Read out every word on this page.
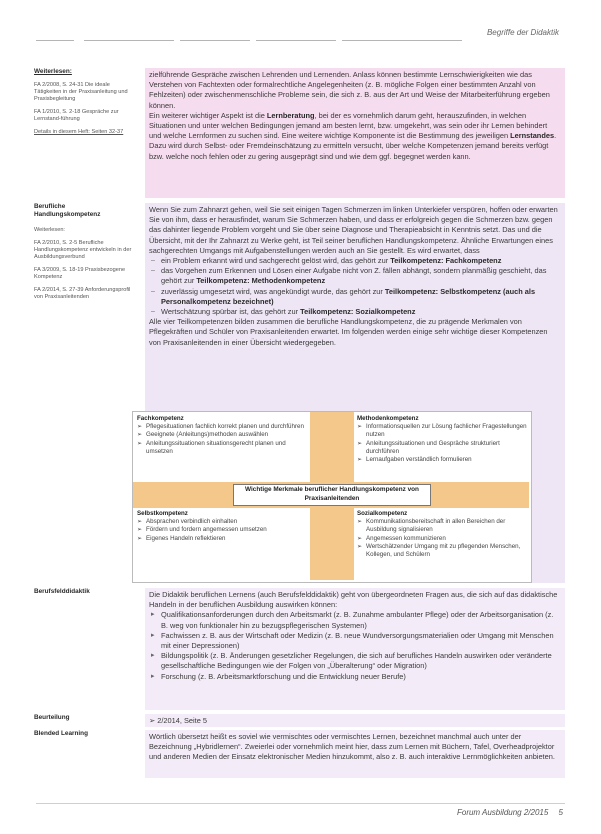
Begriffe der Didaktik

Weiterlesen:

FA 2/2008, S. 24-31 Die ideale Tätigkeiten in der Praxisanleitung und Praxisbegleitung

FA 1/2010, S. 2-18 Gespräche zur Lernstand-führung

Details in diesem Heft: Seiten 32-37

zielführende Gespräche zwischen Lehrenden und Lernenden. Anlass können bestimmte Lernschwierigkeiten wie das Verstehen von Fachtexten oder formalrechtliche Angelegenheiten (z. B. mögliche Folgen einer bestimmten Anzahl von Fehlzeiten) oder zwischenmenschliche Probleme sein, die sich z. B. aus der Art und Weise der Mitarbeiterführung ergeben können.

Ein weiterer wichtiger Aspekt ist die Lernberatung, bei der es vornehmlich darum geht, herauszufinden, in welchen Situationen und unter welchen Bedingungen jemand am besten lernt, bzw. umgekehrt, was sein oder ihr Lernen behindert und welche Lernformen zu suchen sind. Eine weitere wichtige Komponente ist die Bestimmung des jeweiligen Lernstandes. Dazu wird durch Selbst- oder Fremdeinschätzung zu ermitteln versucht, über welche Kompetenzen jemand bereits verfügt bzw. welche noch fehlen oder zu gering ausgeprägt sind und wie dem ggf. begegnet werden kann.

Berufliche Handlungskompetenz

Weiterlesen:

FA 2/2010, S. 2-5 Berufliche Handlungskompetenz entwickeln in der Ausbildungsverbund

FA 3/2009, S. 18-19 Praxisbezogene Kompetenz

FA 2/2014, S. 27-39 Anforderungsprofil von Praxisanleitenden

Wenn Sie zum Zahnarzt gehen, weil Sie seit einigen Tagen Schmerzen im linken Unterkiefer verspüren, hoffen oder erwarten Sie von ihm, dass er herausfindet, warum Sie Schmerzen haben, und dass er erfolgreich gegen die Schmerzen bzw. gegen das dahinter liegende Problem vorgeht und Sie über seine Diagnose und Therapieabsicht in Kenntnis setzt. Das und die Übersicht, mit der Ihr Zahnarzt zu Werke geht, ist Teil seiner beruflichen Handlungskompetenz. Ähnliche Erwartungen eines sachgerechten Umgangs mit Aufgabenstellungen werden auch an Sie gestellt. Es wird erwartet, dass

– ein Problem erkannt wird und sachgerecht gelöst wird, das gehört zur Teilkompetenz: Fachkompetenz
– das Vorgehen zum Erkennen und Lösen einer Aufgabe nicht von Z. fällen abhängt, sondern planmäßig geschieht, das gehört zur Teilkompetenz: Methodenkompetenz
– zuverlässig umgesetzt wird, was angekündigt wurde, das gehört zur Teilkompetenz: Selbstkompetenz (auch als Personalkompetenz bezeichnet)
– Wertschätzung spürbar ist, das gehört zur Teilkompetenz: Sozialkompetenz

Alle vier Teilkompetenzen bilden zusammen die berufliche Handlungskompetenz, die zu prägende Merkmalen von Pflegekräften und Schüler von Praxisanleitenden erwartet. Im folgenden werden einige sehr wichtige dieser Kompetenzen von Praxisanleitenden in einer Übersicht wiedergegeben.

Fachkompetenz
➢ Pflegesituationen fachlich korrekt planen und durchführen
➢ Geeignete (Anleitungs)methoden auswählen
➢ Anleitungssituationen situationsgerecht planen und umsetzen
Methodenkompetenz
➢ Informationsquellen zur Lösung fachlicher Fragestellungen nutzen
➢ Anleitungssituationen und Gespräche strukturiert durchführen
➢ Lernaufgaben verständlich formulieren
Wichtige Merkmale beruflicher Handlungskompetenz von Praxisanleitenden
Selbstkompetenz
➢ Absprachen verbindlich einhalten
➢ Fördern und fordern angemessen umsetzen
➢ Eigenes Handeln reflektieren
Sozialkompetenz
➢ Kommunikationsbereitschaft in allen Bereichen der Ausbildung signalisieren
➢ Angemessen kommunizieren
➢ Wertschätzender Umgang mit zu pflegenden Menschen, Kollegen, und Schülern

Berufsfelddidaktik	Die Didaktik beruflichen Lernens (auch Berufsfelddidaktik) geht von übergeordneten Fragen aus, die sich auf das didaktische Handeln in der beruflichen Ausbildung auswirken können:

▸ Qualifikationsanforderungen durch den Arbeitsmarkt (z. B. Zunahme ambulanter Pflege) oder der Arbeitsorganisation (z. B. weg von funktionaler hin zu bezugspflegerischen Systemen)
▸ Fachwissen z. B. aus der Wirtschaft oder Medizin (z. B. neue Wundversorgungsmaterialien oder Umgang mit Menschen mit einer Depressionen)
▸ Bildungspolitik (z. B. Änderungen gesetzlicher Regelungen, die sich auf berufliches Handeln auswirken oder veränderte gesellschaftliche Bedingungen wie der Folgen von „Überalterung“ oder Migration)
▸ Forschung (z. B. Arbeitsmarktforschung und die Entwicklung neuer Berufe)

Beurteilung	➢ 2/2014, Seite 5

Blended Learning	Wörtlich übersetzt heißt es soviel wie vermischtes oder vermischtes Lernen, bezeichnet manchmal auch unter der Bezeichnung „Hybridlernen“. Zweierlei oder vornehmlich meint hier, dass zum Lernen mit Büchern, Tafel, Overheadprojektor und anderen Medien der Einsatz elektronischer Medien hinzukommt, also z. B. auch interaktive Lernmöglichkeiten anbieten.

Forum Ausbildung 2/2015 5
